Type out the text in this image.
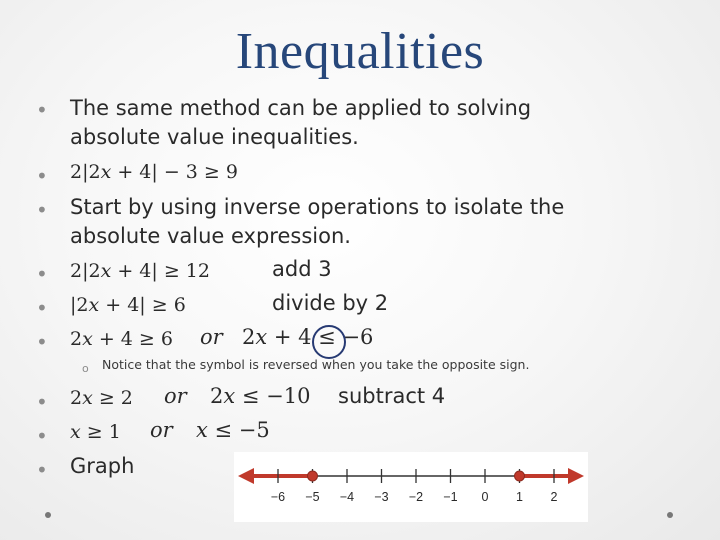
Inequalities
• The same method can be applied to solving
absolute value inequalities.
• 2|2𝑥 + 4| − 3 ≥ 9
• Start by using inverse operations to isolate the
absolute value expression.
• 2|2𝑥 + 4| ≥ 12	add 3
• |2𝑥 + 4| ≥ 6	divide by 2
• 2𝑥 + 4 ≥ 6 𝑜𝑟 2𝑥 + 4 ≤ −6
o Notice that the symbol is reversed when you take the opposite sign.
• 2𝑥 ≥ 2 𝑜𝑟 2𝑥 ≤ −10 subtract 4
• 𝑥 ≥ 1 𝑜𝑟 𝑥 ≤ −5
• Graph
−6 −5 −4 −3 −2 −1 0 1 2
